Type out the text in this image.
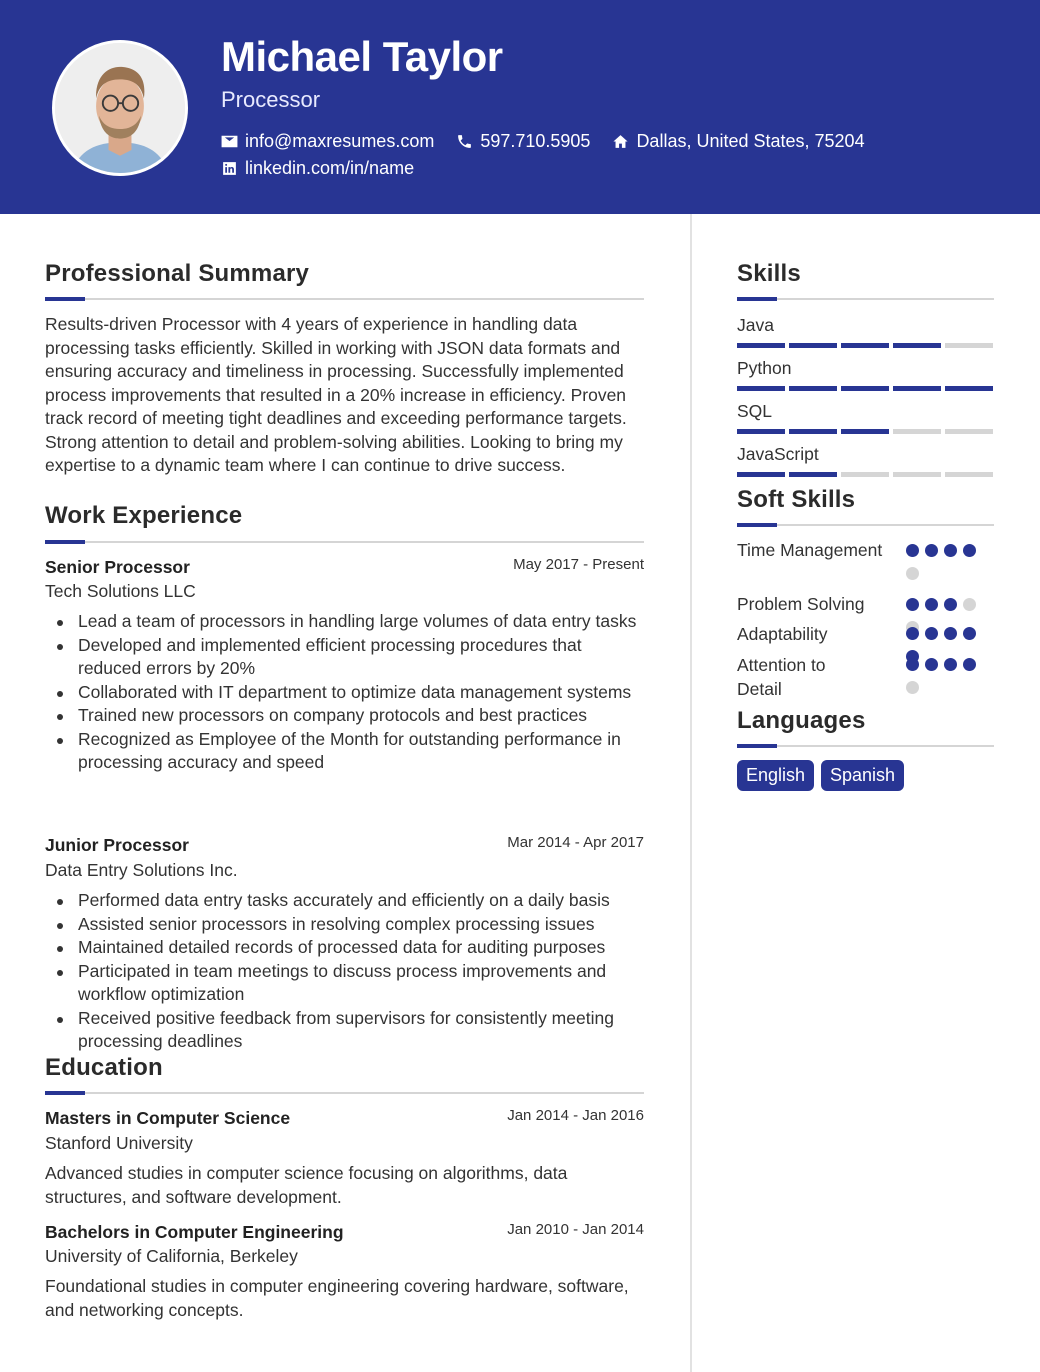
Michael Taylor
Processor
info@maxresumes.com	597.710.5905	Dallas, United States, 75204
linkedin.com/in/name
Professional Summary
Results-driven Processor with 4 years of experience in handling data processing tasks efficiently. Skilled in working with JSON data formats and ensuring accuracy and timeliness in processing. Successfully implemented process improvements that resulted in a 20% increase in efficiency. Proven track record of meeting tight deadlines and exceeding performance targets. Strong attention to detail and problem-solving abilities. Looking to bring my expertise to a dynamic team where I can continue to drive success.
Work Experience
Senior Processor	May 2017 - Present
Tech Solutions LLC
Lead a team of processors in handling large volumes of data entry tasks
Developed and implemented efficient processing procedures that reduced errors by 20%
Collaborated with IT department to optimize data management systems
Trained new processors on company protocols and best practices
Recognized as Employee of the Month for outstanding performance in processing accuracy and speed
Junior Processor	Mar 2014 - Apr 2017
Data Entry Solutions Inc.
Performed data entry tasks accurately and efficiently on a daily basis
Assisted senior processors in resolving complex processing issues
Maintained detailed records of processed data for auditing purposes
Participated in team meetings to discuss process improvements and workflow optimization
Received positive feedback from supervisors for consistently meeting processing deadlines
Education
Masters in Computer Science	Jan 2014 - Jan 2016
Stanford University
Advanced studies in computer science focusing on algorithms, data structures, and software development.
Bachelors in Computer Engineering	Jan 2010 - Jan 2014
University of California, Berkeley
Foundational studies in computer engineering covering hardware, software, and networking concepts.
Skills
Java
Python
SQL
JavaScript
Soft Skills
Time Management
Problem Solving
Adaptability
Attention to Detail
Languages
English	Spanish
